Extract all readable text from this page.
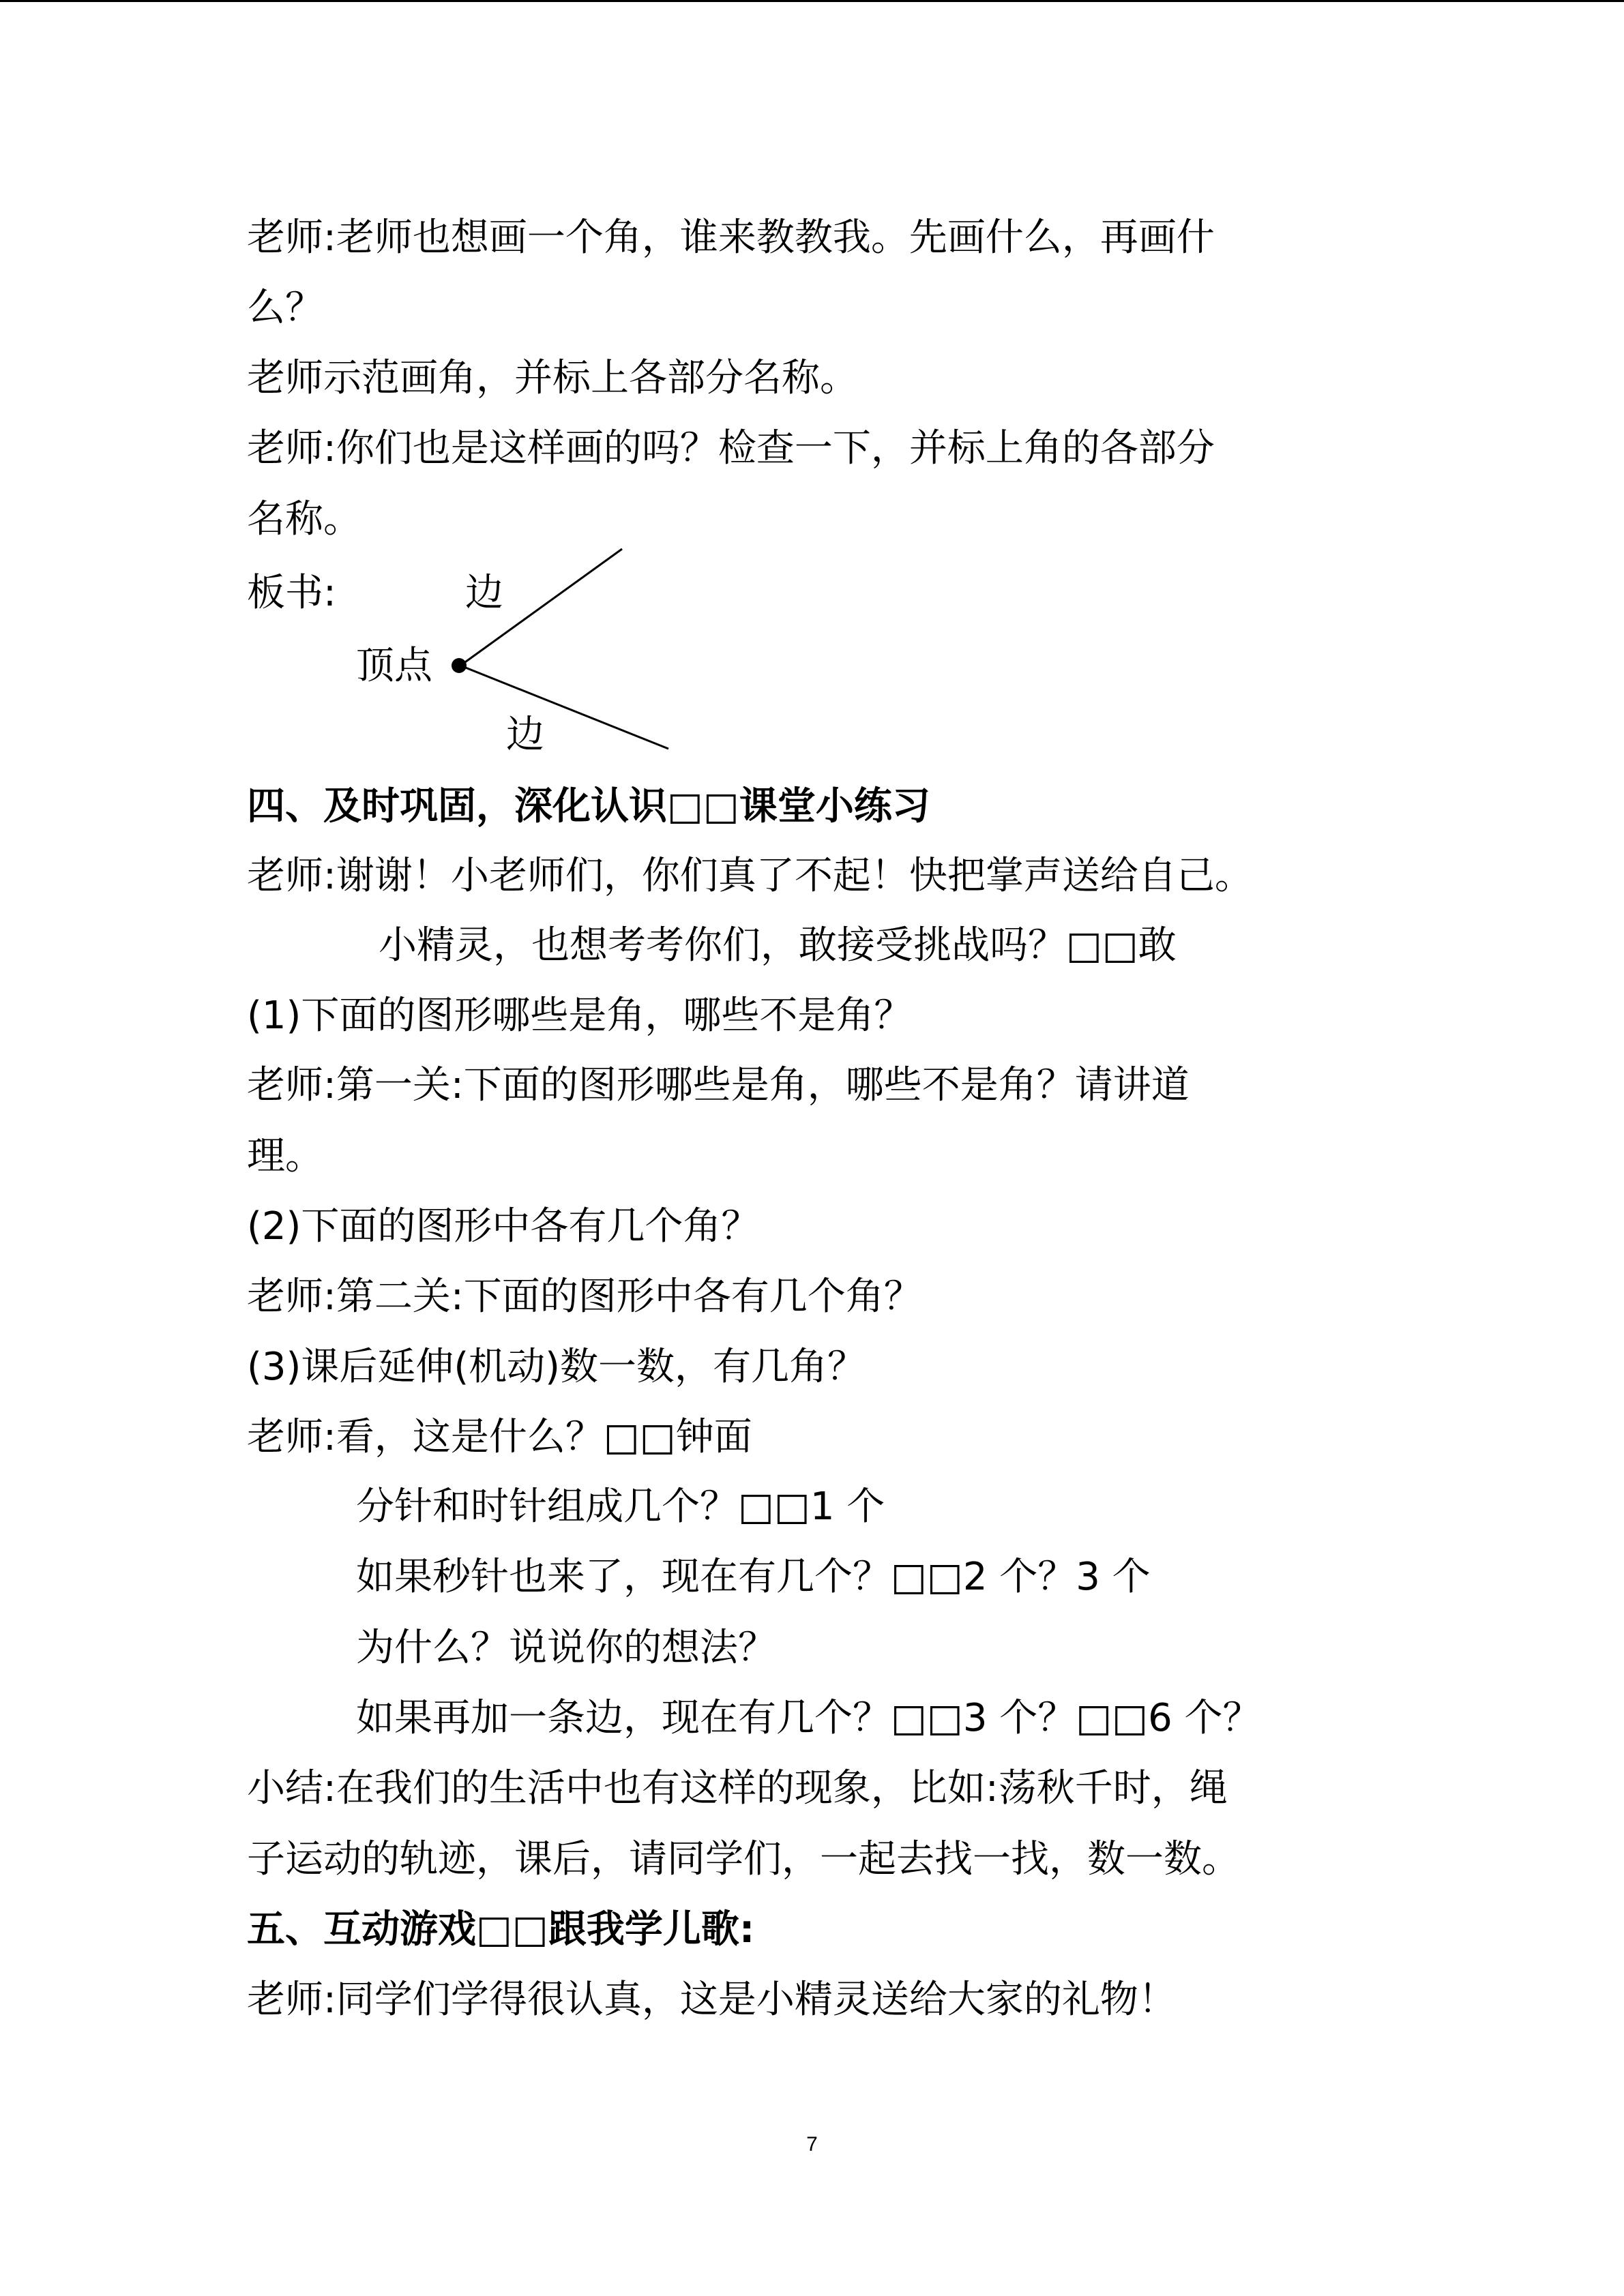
老师:老师也想画一个角，谁来教教我。先画什么，再画什
么？
老师示范画角，并标上各部分名称。
老师:你们也是这样画的吗？检查一下，并标上角的各部分
名称。
板书:	边
顶点
边
四、及时巩固，深化认识□□课堂小练习
老师:谢谢！小老师们，你们真了不起！快把掌声送给自己。
小精灵，也想考考你们，敢接受挑战吗？□□敢
(1)下面的图形哪些是角，哪些不是角？
老师:第一关:下面的图形哪些是角，哪些不是角？请讲道
理。
(2)下面的图形中各有几个角？
老师:第二关:下面的图形中各有几个角？
(3)课后延伸(机动)数一数，有几角？
老师:看，这是什么？□□钟面
分针和时针组成几个？□□1 个
如果秒针也来了，现在有几个？□□2 个？3 个
为什么？说说你的想法？
如果再加一条边，现在有几个？□□3 个？□□6 个？
小结:在我们的生活中也有这样的现象，比如:荡秋千时，绳
子运动的轨迹，课后，请同学们，一起去找一找，数一数。
五、互动游戏□□跟我学儿歌:
老师:同学们学得很认真，这是小精灵送给大家的礼物！
7
